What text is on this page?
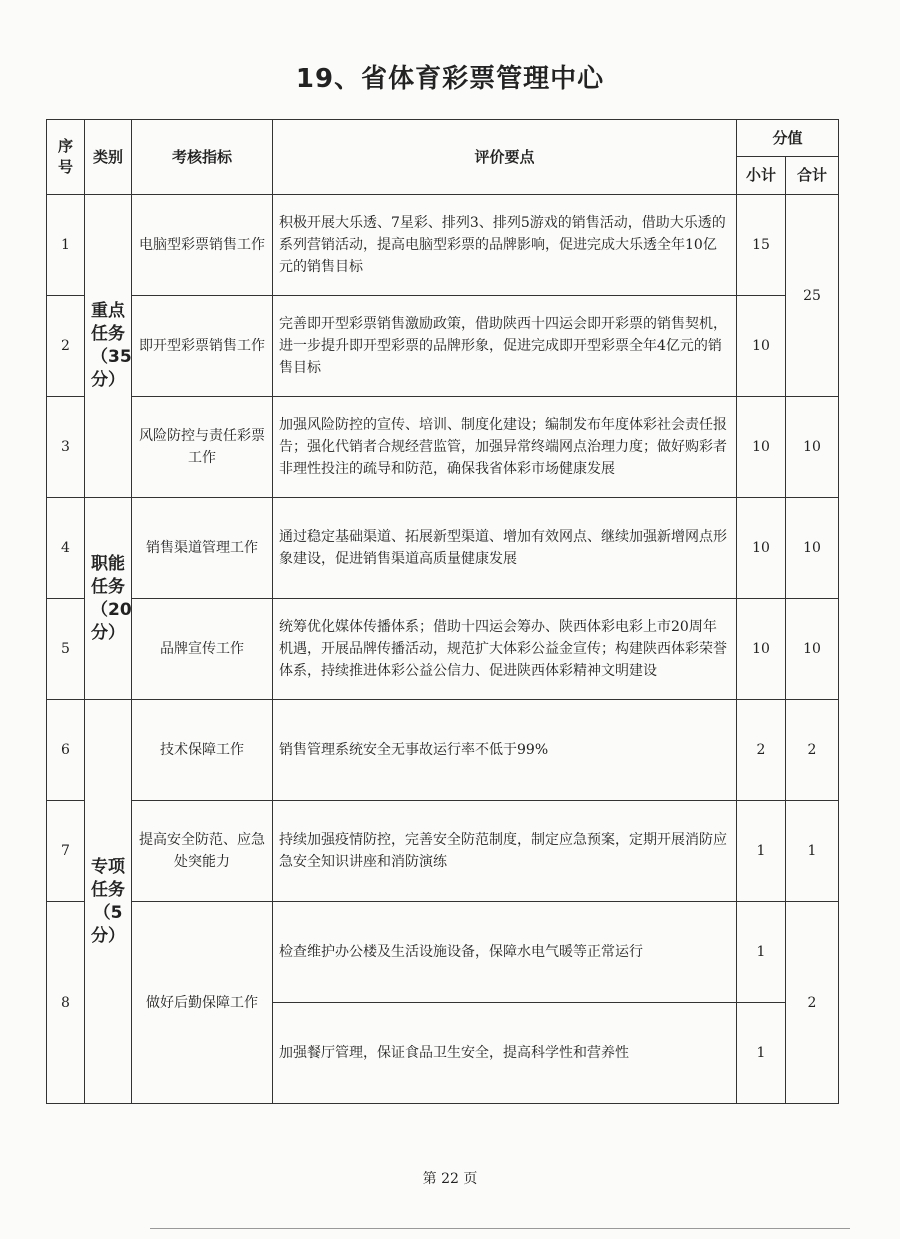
19、省体育彩票管理中心
序号	类别	考核指标	评价要点	分值	
				小计	合计
1	重点任务（35分）	电脑型彩票销售工作	积极开展大乐透、7星彩、排列3、排列5游戏的销售活动，借助大乐透的系列营销活动，提高电脑型彩票的品牌影响，促进完成大乐透全年10亿元的销售目标	15	25
2		即开型彩票销售工作	完善即开型彩票销售激励政策，借助陕西十四运会即开彩票的销售契机，进一步提升即开型彩票的品牌形象，促进完成即开型彩票全年4亿元的销售目标	10	
3		风险防控与责任彩票工作	加强风险防控的宣传、培训、制度化建设；编制发布年度体彩社会责任报告；强化代销者合规经营监管，加强异常终端网点治理力度；做好购彩者非理性投注的疏导和防范，确保我省体彩市场健康发展	10	10
4	职能任务（20分）	销售渠道管理工作	通过稳定基础渠道、拓展新型渠道、增加有效网点、继续加强新增网点形象建设，促进销售渠道高质量健康发展	10	10
5		品牌宣传工作	统筹优化媒体传播体系；借助十四运会筹办、陕西体彩电彩上市20周年机遇，开展品牌传播活动，规范扩大体彩公益金宣传；构建陕西体彩荣誉体系，持续推进体彩公益公信力、促进陕西体彩精神文明建设	10	10
6	专项任务（5分）	技术保障工作	销售管理系统安全无事故运行率不低于99%	2	2
7		提高安全防范、应急处突能力	持续加强疫情防控，完善安全防范制度，制定应急预案，定期开展消防应急安全知识讲座和消防演练	1	1
8		做好后勤保障工作	检查维护办公楼及生活设施设备，保障水电气暖等正常运行	1	2
			加强餐厅管理，保证食品卫生安全，提高科学性和营养性	1	
第 22 页
